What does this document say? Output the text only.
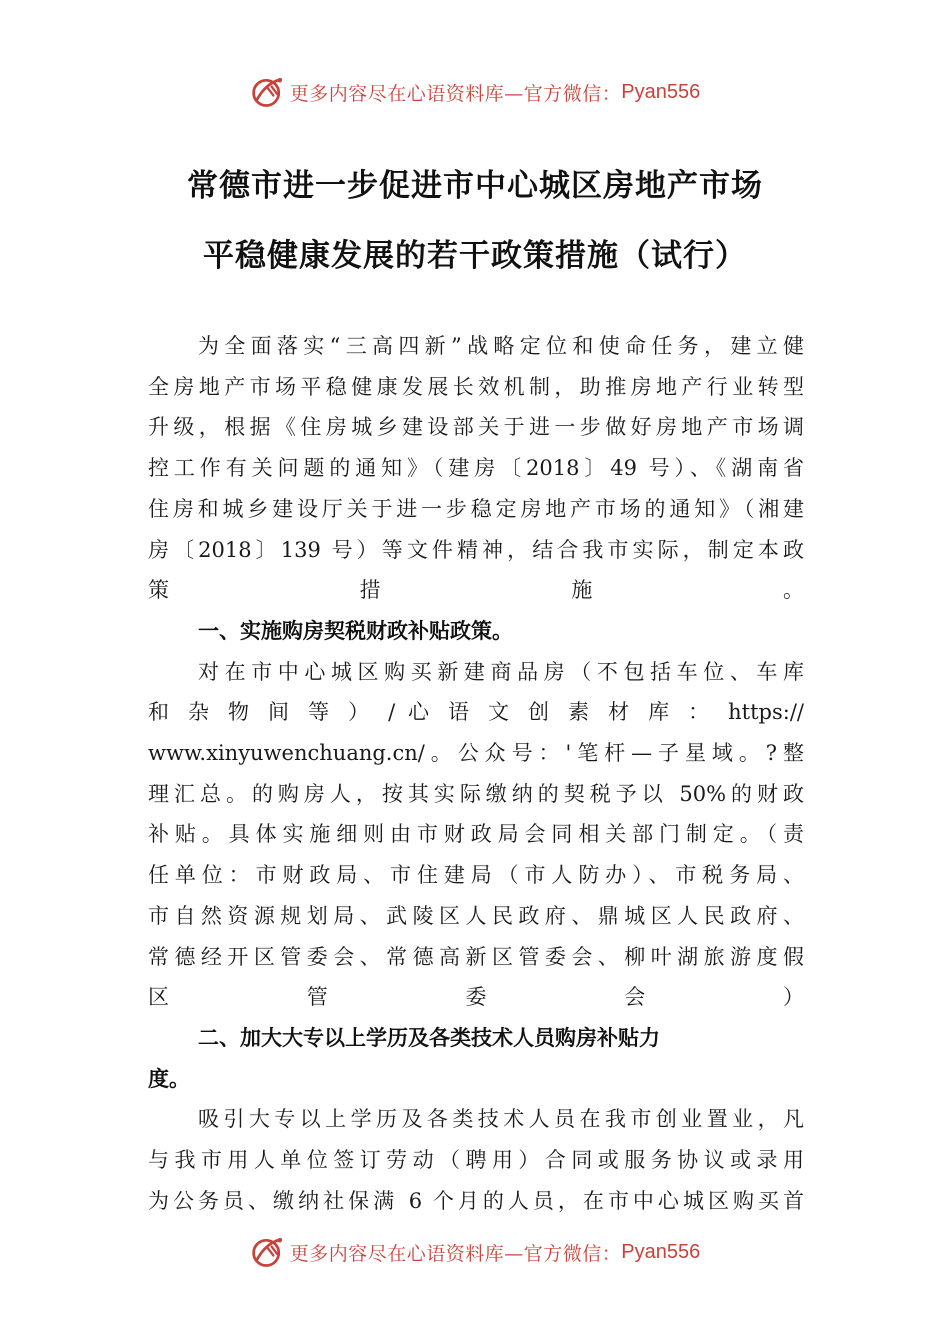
更多内容尽在心语资料库—官方微信： Pyan556
常德市进一步促进市中心城区房地产市场
平稳健康发展的若干政策措施（试行）

为全面落实“三高四新”战略定位和使命任务，建立健
全房地产市场平稳健康发展长效机制，助推房地产行业转型
升级，根据《住房城乡建设部关于进一步做好房地产市场调
控工作有关问题的通知》（建房〔2018〕49 号）、《湖南省
住房和城乡建设厅关于进一步稳定房地产市场的通知》（湘建
房〔2018〕139 号）等文件精神，结合我市实际，制定本政
策措施。

一、实施购房契税财政补贴政策。

对在市中心城区购买新建商品房（不包括车位、车库
和 杂 物 间 等 ） / 心 语 文 创 素 材 库 ： https://
www.xinyuwenchuang.cn/。公众号：'笔杆—子星域。?整
理汇总。的购房人，按其实际缴纳的契税予以 50%的财政
补贴。具体实施细则由市财政局会同相关部门制定。（责
任单位：市财政局、市住建局（市人防办）、市税务局、
市自然资源规划局、武陵区人民政府、鼎城区人民政府、
常德经开区管委会、常德高新区管委会、柳叶湖旅游度假
区管委会）

二、加大大专以上学历及各类技术人员购房补贴力
度。

吸引大专以上学历及各类技术人员在我市创业置业，凡
与我市用人单位签订劳动（聘用）合同或服务协议或录用
为公务员、缴纳社保满 6 个月的人员，在市中心城区购买首

更多内容尽在心语资料库—官方微信： Pyan556
